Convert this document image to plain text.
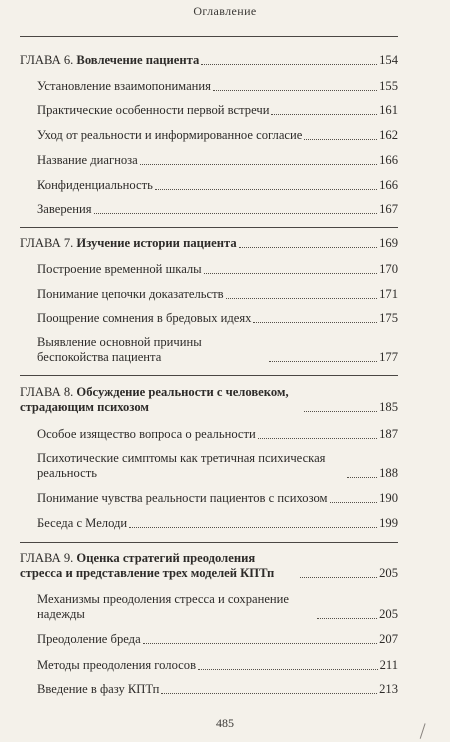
Оглавление
ГЛАВА 6. Вовлечение пациента	154
Установление взаимопонимания	155
Практические особенности первой встречи	161
Уход от реальности и информированное согласие	162
Название диагноза	166
Конфиденциальность	166
Заверения	167
ГЛАВА 7. Изучение истории пациента	169
Построение временной шкалы	170
Понимание цепочки доказательств	171
Поощрение сомнения в бредовых идеях	175
Выявление основной причины беспокойства пациента	177
ГЛАВА 8. Обсуждение реальности с человеком, страдающим психозом	185
Особое изящество вопроса о реальности	187
Психотические симптомы как третичная психическая реальность	188
Понимание чувства реальности пациентов с психозом	190
Беседа с Мелоди	199
ГЛАВА 9. Оценка стратегий преодоления стресса и представление трех моделей КПТп	205
Механизмы преодоления стресса и сохранение надежды	205
Преодоление бреда	207
Методы преодоления голосов	211
Введение в фазу КПТп	213
485
